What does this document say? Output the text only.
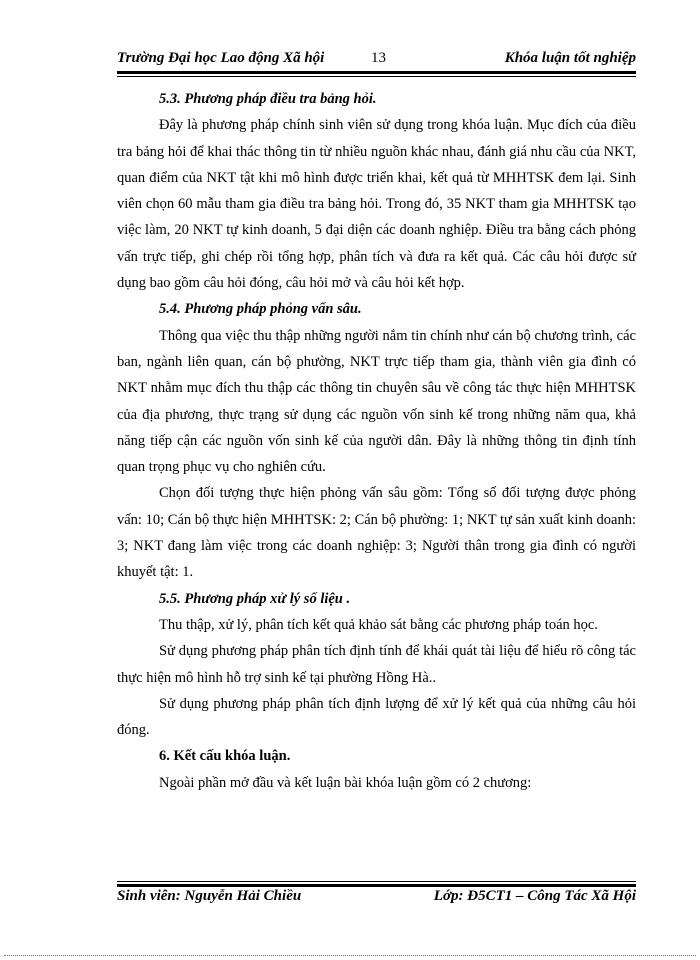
Trường Đại học Lao động Xã hội	13	Khóa luận tốt nghiệp

5.3. Phương pháp điều tra bảng hỏi.

Đây là phương pháp chính sinh viên sử dụng trong khóa luận. Mục đích của điều tra bảng hỏi để khai thác thông tin từ nhiều nguồn khác nhau, đánh giá nhu cầu của NKT, quan điểm của NKT tật khi mô hình được triển khai, kết quả từ MHHTSK đem lại. Sinh viên chọn 60 mẫu tham gia điều tra bảng hỏi. Trong đó, 35 NKT tham gia MHHTSK tạo việc làm, 20 NKT tự kinh doanh, 5 đại diện các doanh nghiệp. Điều tra bằng cách phỏng vấn trực tiếp, ghi chép rồi tổng hợp, phân tích và đưa ra kết quả. Các câu hỏi được sử dụng bao gồm câu hỏi đóng, câu hỏi mở và câu hỏi kết hợp.

5.4. Phương pháp phỏng vấn sâu.

Thông qua việc thu thập những người nắm tin chính như cán bộ chương trình, các ban, ngành liên quan, cán bộ phường, NKT trực tiếp tham gia, thành viên gia đình có NKT nhằm mục đích thu thập các thông tin chuyên sâu về công tác thực hiện MHHTSK của địa phương, thực trạng sử dụng các nguồn vốn sinh kế trong những năm qua, khả năng tiếp cận các nguồn vốn sinh kế của người dân. Đây là những thông tin định tính quan trọng phục vụ cho nghiên cứu.

Chọn đối tượng thực hiện phỏng vấn sâu gồm: Tổng số đối tượng được phỏng vấn: 10; Cán bộ thực hiện MHHTSK: 2; Cán bộ phường: 1; NKT tự sản xuất kinh doanh: 3; NKT đang làm việc trong các doanh nghiệp: 3; Người thân trong gia đình có người khuyết tật: 1.

5.5. Phương pháp xử lý số liệu .

Thu thập, xử lý, phân tích kết quả khảo sát bằng các phương pháp toán học.

Sử dụng phương pháp phân tích định tính để khái quát tài liệu để hiểu rõ công tác thực hiện mô hình hỗ trợ sinh kế tại phường Hồng Hà..

Sử dụng phương pháp phân tích định lượng để xử lý kết quả của những câu hỏi đóng.

6. Kết cấu khóa luận.

Ngoài phần mở đầu và kết luận bài khóa luận gồm có 2 chương:

Sinh viên: Nguyễn Hải Chiều	Lớp: Đ5CT1 – Công Tác Xã Hội
